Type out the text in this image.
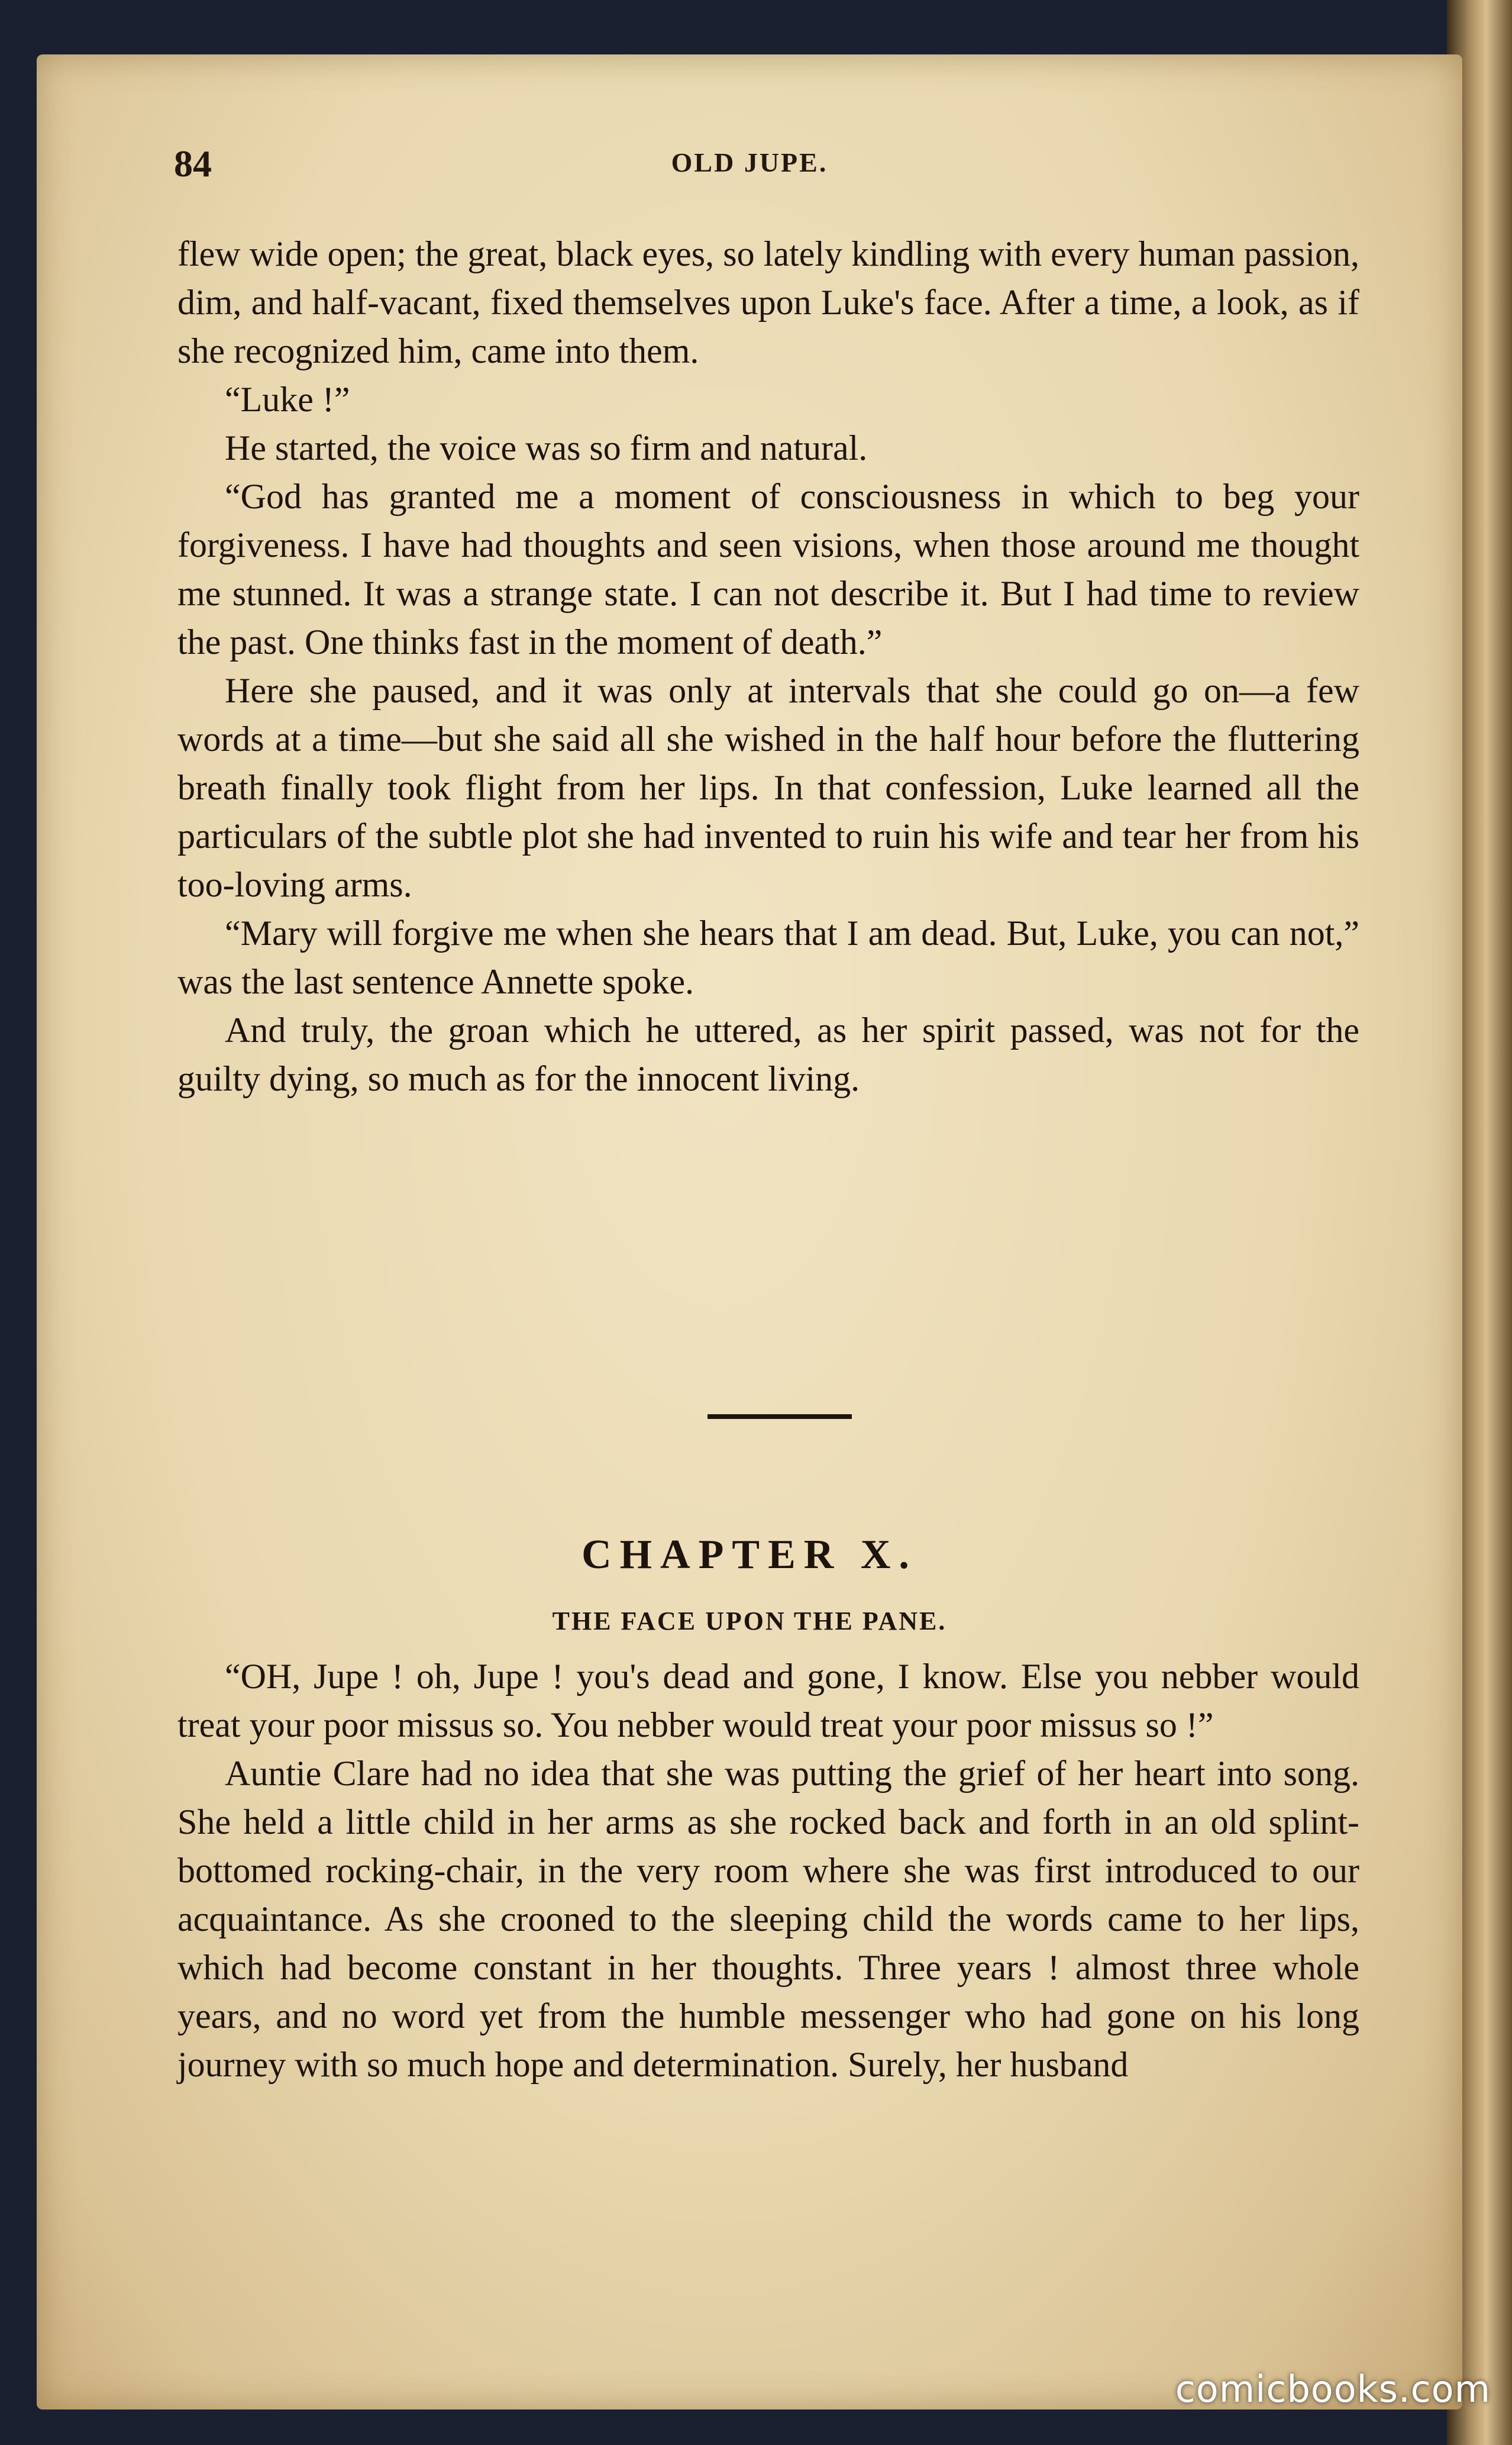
84	OLD JUPE.

flew wide open; the great, black eyes, so lately kindling with every human passion, dim, and half-vacant, fixed themselves upon Luke's face. After a time, a look, as if she recognized him, came into them.

“Luke !”

He started, the voice was so firm and natural.

“God has granted me a moment of consciousness in which to beg your forgiveness. I have had thoughts and seen visions, when those around me thought me stunned. It was a strange state. I can not describe it. But I had time to review the past. One thinks fast in the moment of death.”

Here she paused, and it was only at intervals that she could go on—a few words at a time—but she said all she wished in the half hour before the fluttering breath finally took flight from her lips. In that confession, Luke learned all the particulars of the subtle plot she had invented to ruin his wife and tear her from his too-loving arms.

“Mary will forgive me when she hears that I am dead. But, Luke, you can not,” was the last sentence Annette spoke.

And truly, the groan which he uttered, as her spirit passed, was not for the guilty dying, so much as for the innocent living.

CHAPTER X.
THE FACE UPON THE PANE.

“OH, Jupe ! oh, Jupe ! you's dead and gone, I know. Else you nebber would treat your poor missus so. You nebber would treat your poor missus so !”

Auntie Clare had no idea that she was putting the grief of her heart into song. She held a little child in her arms as she rocked back and forth in an old splint-bottomed rocking-chair, in the very room where she was first introduced to our acquaintance. As she crooned to the sleeping child the words came to her lips, which had become constant in her thoughts. Three years ! almost three whole years, and no word yet from the humble messenger who had gone on his long journey with so much hope and determination. Surely, her husband

comicbooks.com
